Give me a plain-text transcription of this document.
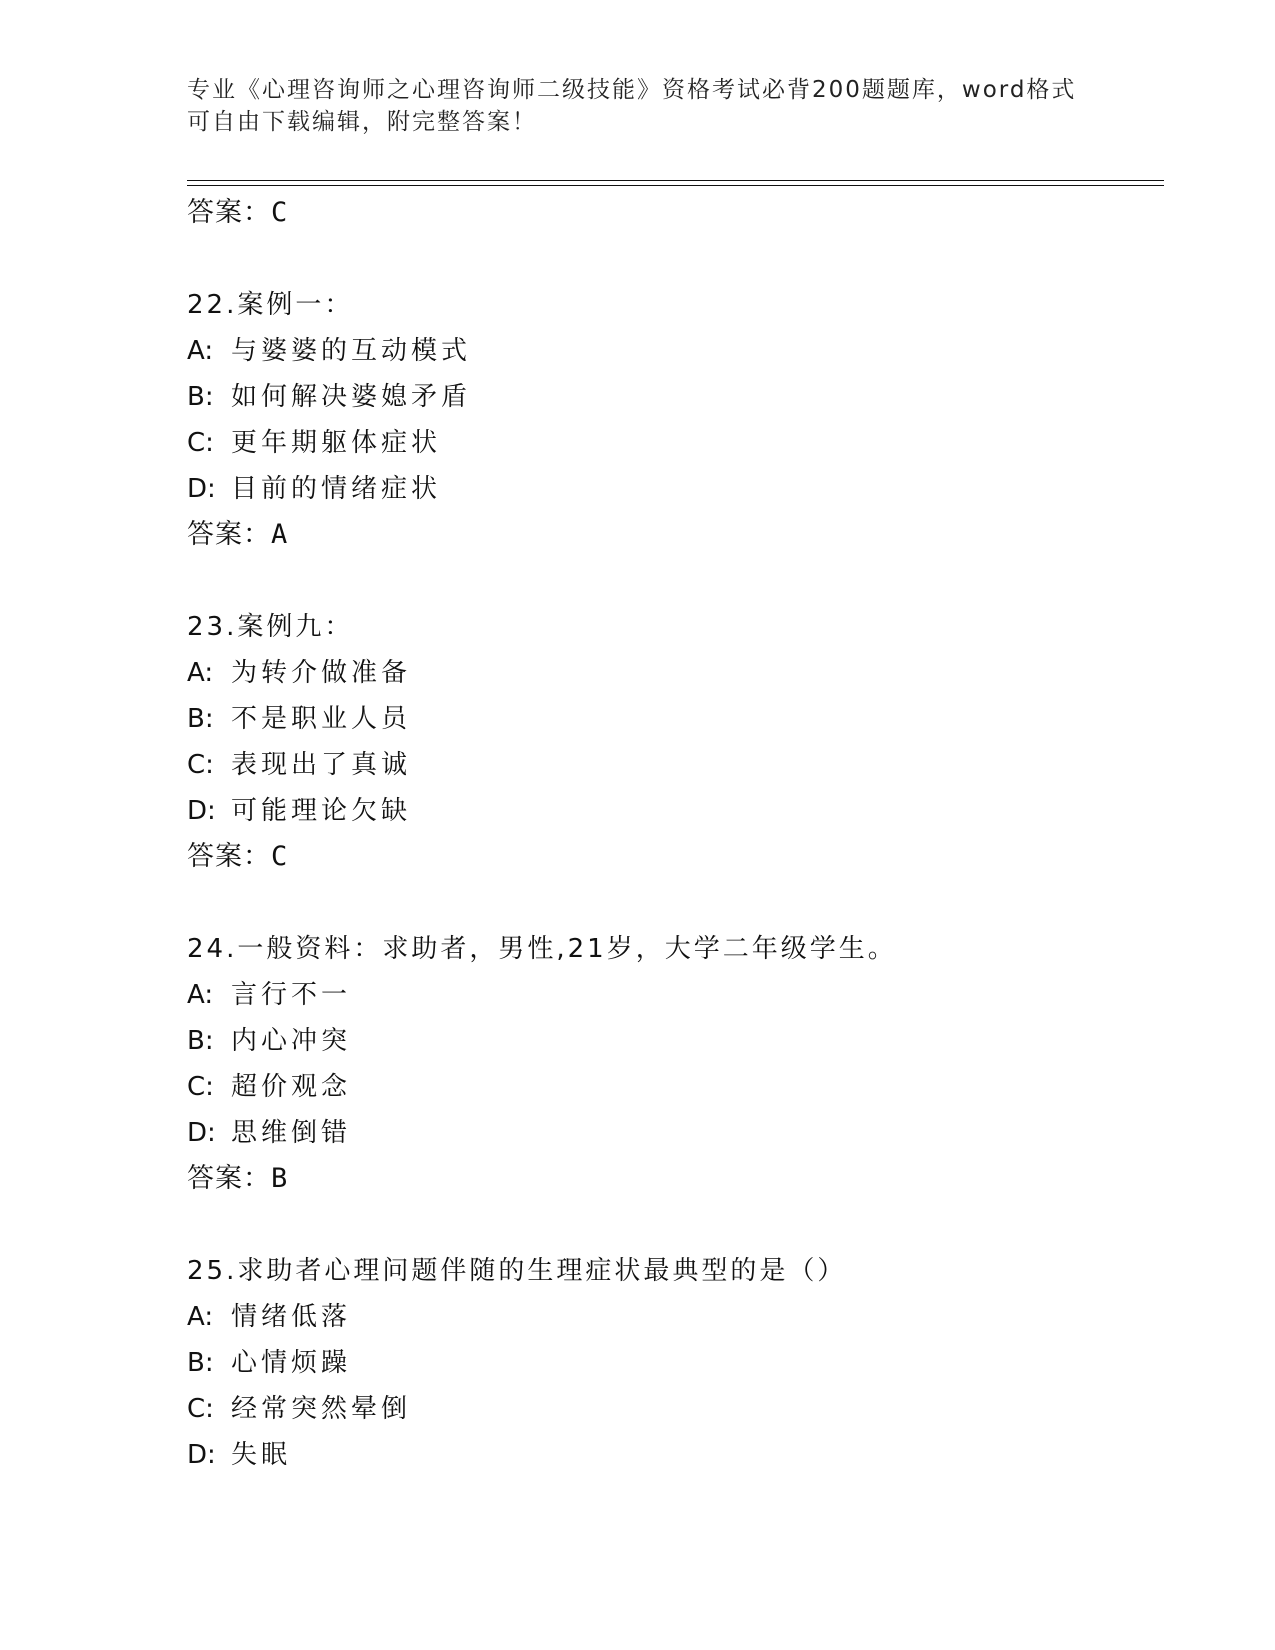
专业《心理咨询师之心理咨询师二级技能》资格考试必背200题题库，word格式
可自由下载编辑，附完整答案！
答案：C
22.案例一：
A: 与婆婆的互动模式
B: 如何解决婆媳矛盾
C: 更年期躯体症状
D: 目前的情绪症状
答案：A
23.案例九：
A: 为转介做准备
B: 不是职业人员
C: 表现出了真诚
D: 可能理论欠缺
答案：C
24.一般资料：求助者，男性,21岁，大学二年级学生。
A: 言行不一
B: 内心冲突
C: 超价观念
D: 思维倒错
答案：B
25.求助者心理问题伴随的生理症状最典型的是（）
A: 情绪低落
B: 心情烦躁
C: 经常突然晕倒
D: 失眠
